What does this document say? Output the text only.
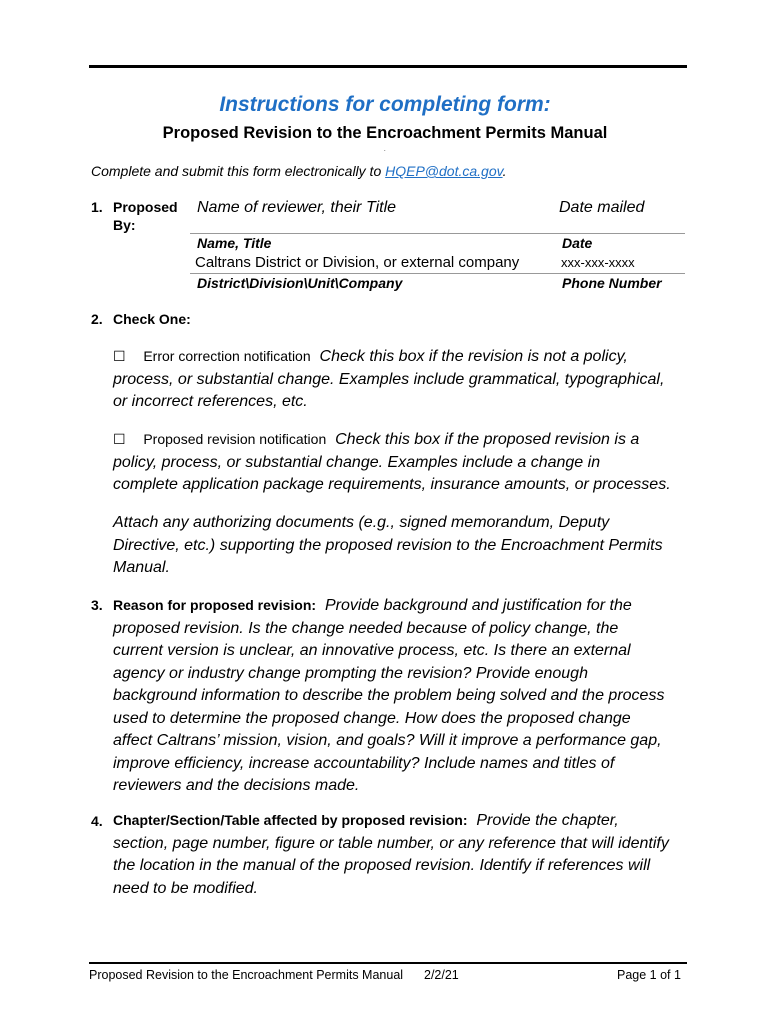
Instructions for completing form:
Proposed Revision to the Encroachment Permits Manual
.
Complete and submit this form electronically to HQEP@dot.ca.gov.
1. Proposed
By:
Name of reviewer, their Title	Date mailed
Name, Title	Date
Caltrans District or Division, or external company	xxx-xxx-xxxx
District\Division\Unit\Company	Phone Number
2. Check One:
☐ Error correction notification Check this box if the revision is not a policy,
process, or substantial change. Examples include grammatical, typographical,
or incorrect references, etc.
☐ Proposed revision notification Check this box if the proposed revision is a
policy, process, or substantial change. Examples include a change in
complete application package requirements, insurance amounts, or processes.
Attach any authorizing documents (e.g., signed memorandum, Deputy
Directive, etc.) supporting the proposed revision to the Encroachment Permits
Manual.
3. Reason for proposed revision: Provide background and justification for the
proposed revision. Is the change needed because of policy change, the
current version is unclear, an innovative process, etc. Is there an external
agency or industry change prompting the revision? Provide enough
background information to describe the problem being solved and the process
used to determine the proposed change. How does the proposed change
affect Caltrans’ mission, vision, and goals? Will it improve a performance gap,
improve efficiency, increase accountability? Include names and titles of
reviewers and the decisions made.
4. Chapter/Section/Table affected by proposed revision: Provide the chapter,
section, page number, figure or table number, or any reference that will identify
the location in the manual of the proposed revision. Identify if references will
need to be modified.
Proposed Revision to the Encroachment Permits Manual 2/2/21	Page 1 of 1
